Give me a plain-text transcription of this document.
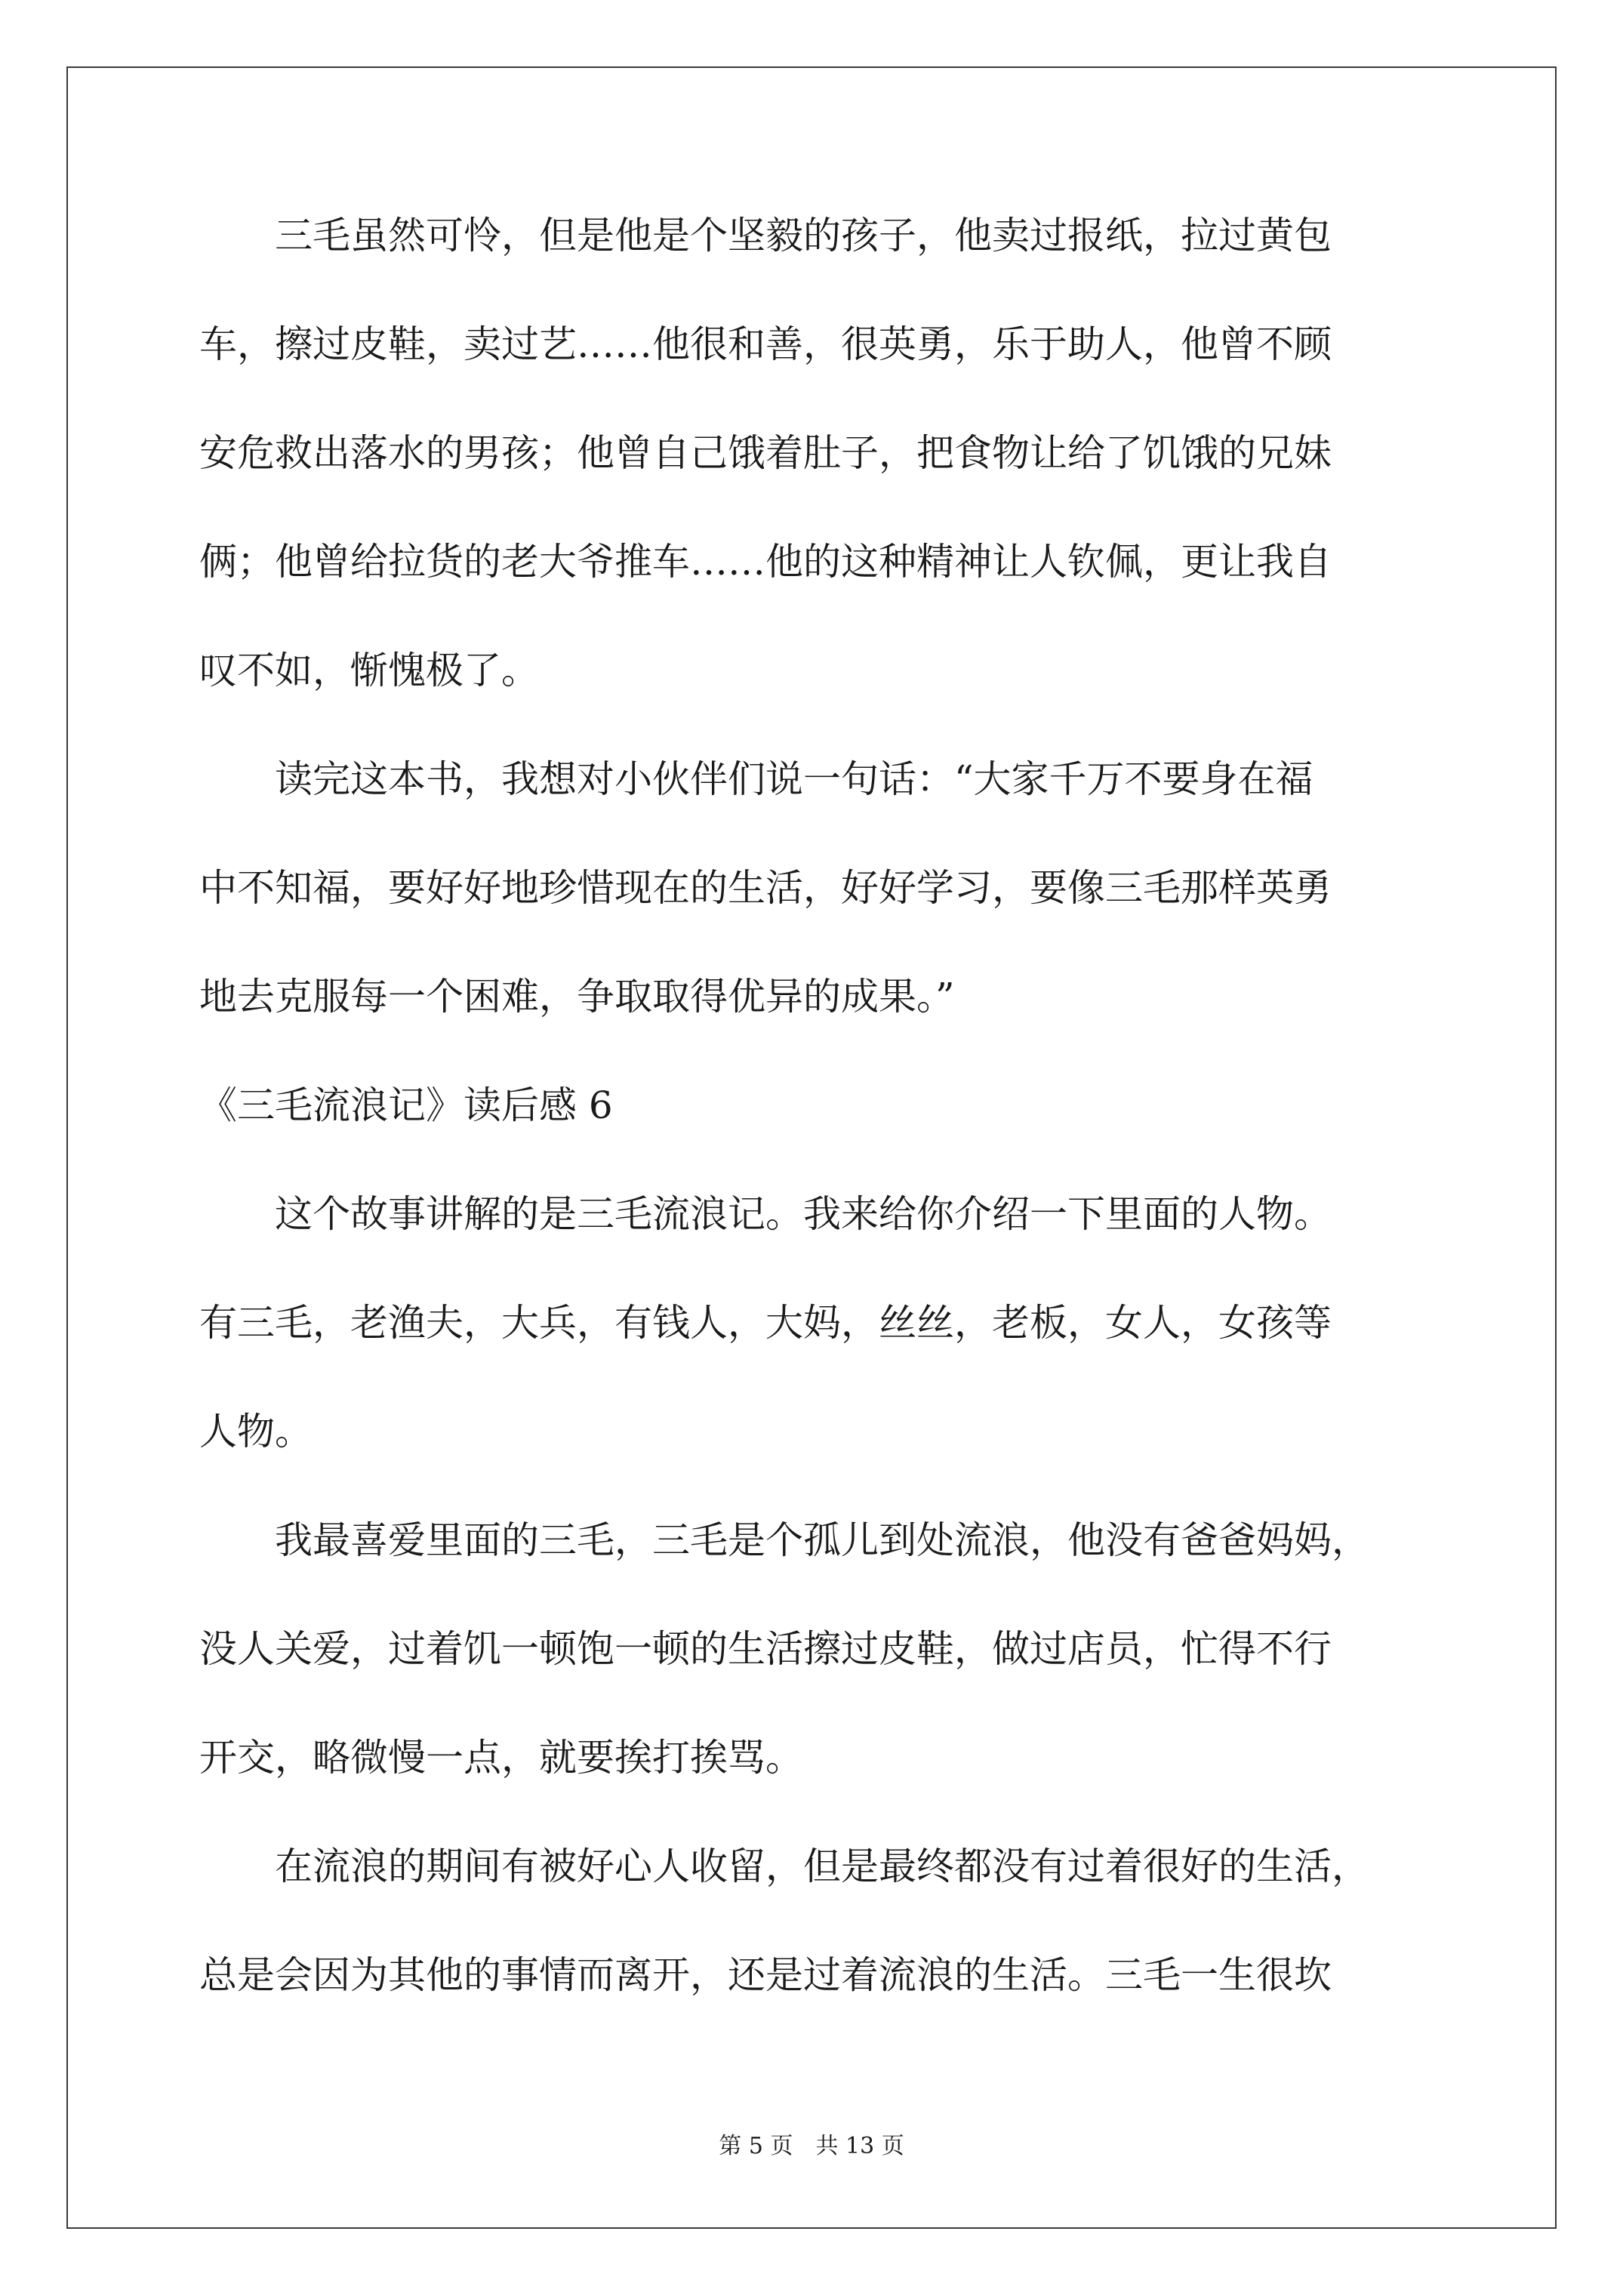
　　三毛虽然可怜，但是他是个坚毅的孩子，他卖过报纸，拉过黄包

车，擦过皮鞋，卖过艺……他很和善，很英勇，乐于助人，他曾不顾

安危救出落水的男孩；他曾自己饿着肚子，把食物让给了饥饿的兄妹

俩；他曾给拉货的老大爷推车……他的这种精神让人钦佩，更让我自

叹不如，惭愧极了。

　　读完这本书，我想对小伙伴们说一句话：“大家千万不要身在福

中不知福，要好好地珍惜现在的生活，好好学习，要像三毛那样英勇

地去克服每一个困难，争取取得优异的成果。”

《三毛流浪记》读后感 6

　　这个故事讲解的是三毛流浪记。我来给你介绍一下里面的人物。

有三毛，老渔夫，大兵，有钱人，大妈，丝丝，老板，女人，女孩等

人物。

　　我最喜爱里面的三毛，三毛是个孤儿到处流浪，他没有爸爸妈妈，

没人关爱，过着饥一顿饱一顿的生活擦过皮鞋，做过店员，忙得不行

开交，略微慢一点，就要挨打挨骂。

　　在流浪的期间有被好心人收留，但是最终都没有过着很好的生活，

总是会因为其他的事情而离开，还是过着流浪的生活。三毛一生很坎

第 5 页　共 13 页
